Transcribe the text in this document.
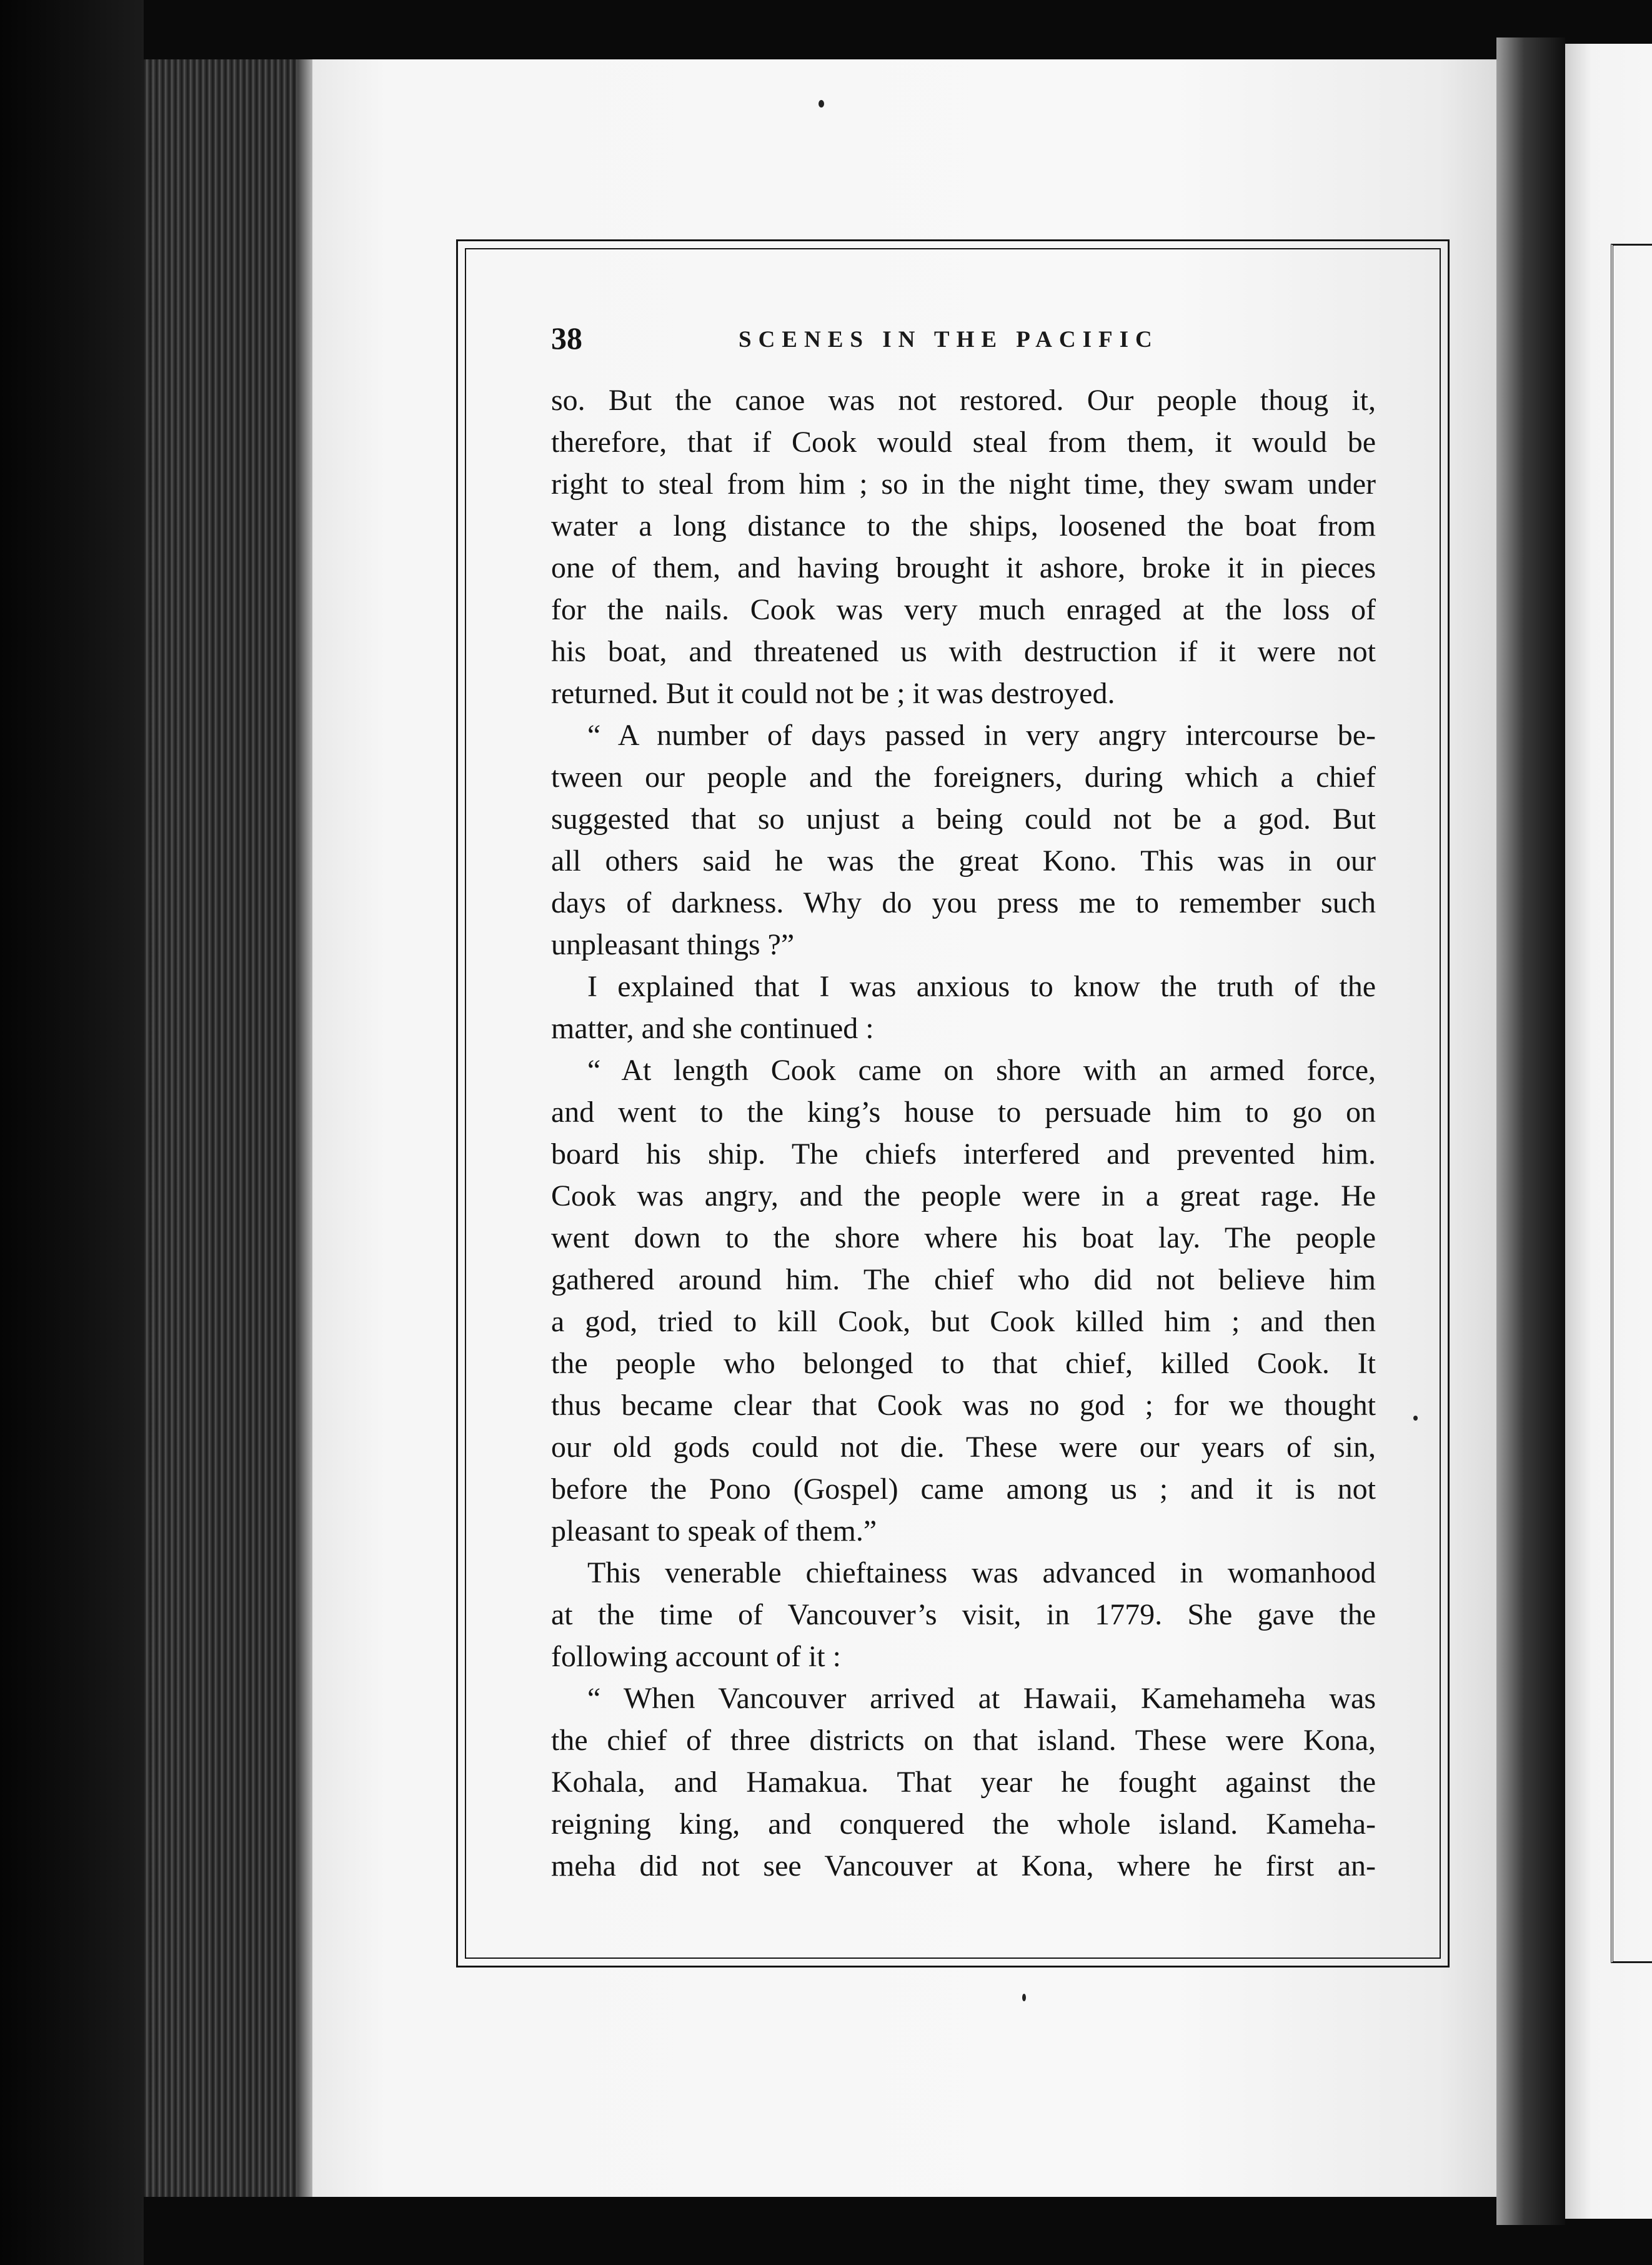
38	SCENES IN THE PACIFIC
so. But the canoe was not restored. Our people thoug it,
therefore, that if Cook would steal from them, it would be
right to steal from him ; so in the night time, they swam under
water a long distance to the ships, loosened the boat from
one of them, and having brought it ashore, broke it in pieces
for the nails. Cook was very much enraged at the loss of
his boat, and threatened us with destruction if it were not
returned. But it could not be ; it was destroyed.
“ A number of days passed in very angry intercourse be-
tween our people and the foreigners, during which a chief
suggested that so unjust a being could not be a god. But
all others said he was the great Kono. This was in our
days of darkness. Why do you press me to remember such
unpleasant things ?”
I explained that I was anxious to know the truth of the
matter, and she continued :
“ At length Cook came on shore with an armed force,
and went to the king’s house to persuade him to go on
board his ship. The chiefs interfered and prevented him.
Cook was angry, and the people were in a great rage. He
went down to the shore where his boat lay. The people
gathered around him. The chief who did not believe him
a god, tried to kill Cook, but Cook killed him ; and then
the people who belonged to that chief, killed Cook. It
thus became clear that Cook was no god ; for we thought
our old gods could not die. These were our years of sin,
before the Pono (Gospel) came among us ; and it is not
pleasant to speak of them.”
This venerable chieftainess was advanced in womanhood
at the time of Vancouver’s visit, in 1779. She gave the
following account of it :
“ When Vancouver arrived at Hawaii, Kamehameha was
the chief of three districts on that island. These were Kona,
Kohala, and Hamakua. That year he fought against the
reigning king, and conquered the whole island. Kameha-
meha did not see Vancouver at Kona, where he first an-
